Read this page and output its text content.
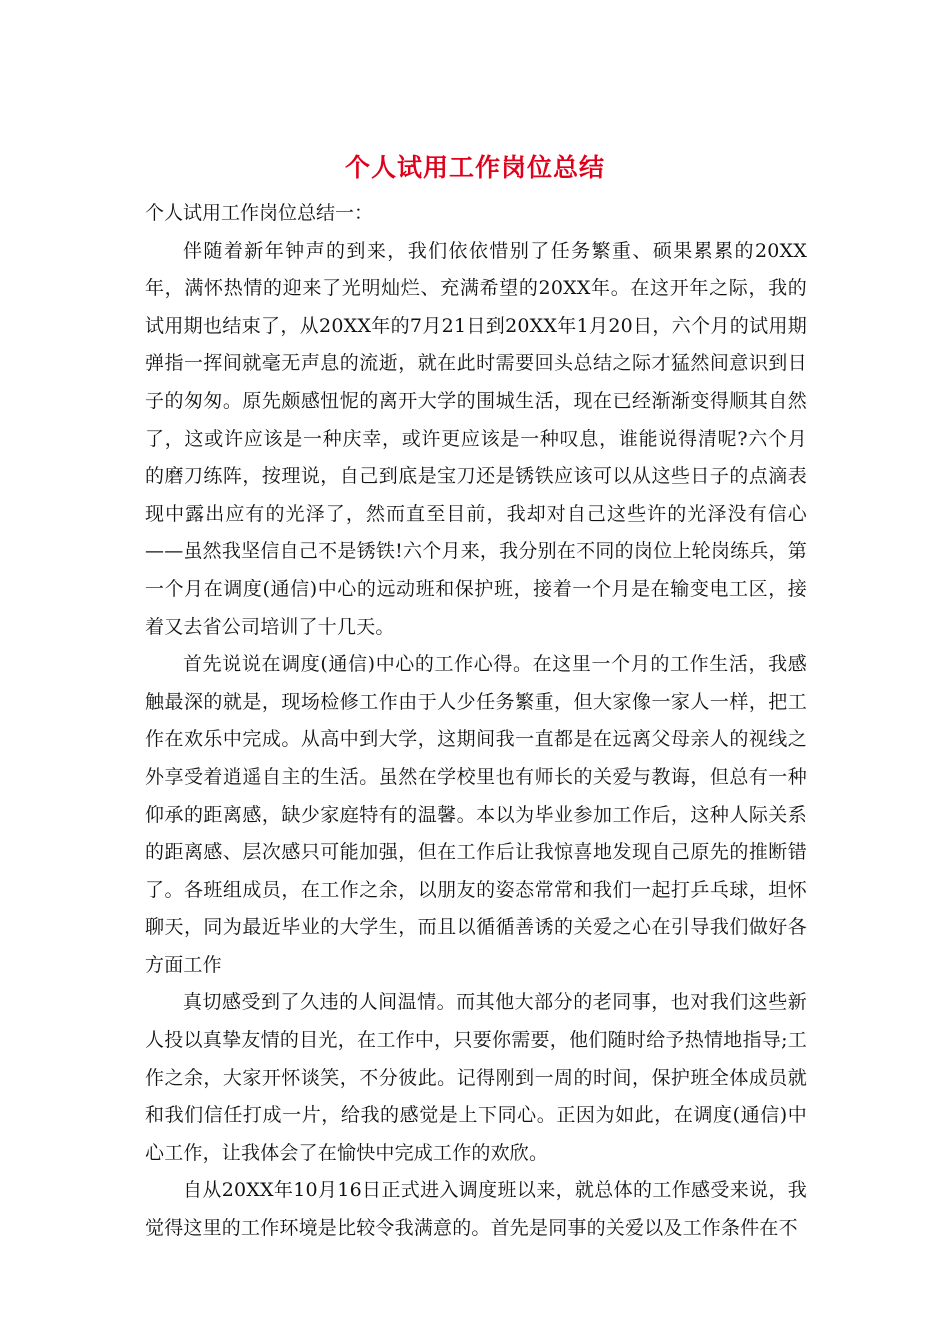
个人试用工作岗位总结

个人试用工作岗位总结一：

伴随着新年钟声的到来，我们依依惜别了任务繁重、硕果累累的20XX年，满怀热情的迎来了光明灿烂、充满希望的20XX年。在这开年之际，我的试用期也结束了，从20XX年的7月21日到20XX年1月20日，六个月的试用期弹指一挥间就毫无声息的流逝，就在此时需要回头总结之际才猛然间意识到日子的匆匆。原先颇感忸怩的离开大学的围城生活，现在已经渐渐变得顺其自然了，这或许应该是一种庆幸，或许更应该是一种叹息，谁能说得清呢?六个月的磨刀练阵，按理说，自己到底是宝刀还是锈铁应该可以从这些日子的点滴表现中露出应有的光泽了，然而直至目前，我却对自己这些许的光泽没有信心——虽然我坚信自己不是锈铁!六个月来，我分别在不同的岗位上轮岗练兵，第一个月在调度(通信)中心的远动班和保护班，接着一个月是在输变电工区，接着又去省公司培训了十几天。

首先说说在调度(通信)中心的工作心得。在这里一个月的工作生活，我感触最深的就是，现场检修工作由于人少任务繁重，但大家像一家人一样，把工作在欢乐中完成。从高中到大学，这期间我一直都是在远离父母亲人的视线之外享受着逍遥自主的生活。虽然在学校里也有师长的关爱与教诲，但总有一种仰承的距离感，缺少家庭特有的温馨。本以为毕业参加工作后，这种人际关系的距离感、层次感只可能加强，但在工作后让我惊喜地发现自己原先的推断错了。各班组成员，在工作之余，以朋友的姿态常常和我们一起打乒乓球，坦怀聊天，同为最近毕业的大学生，而且以循循善诱的关爱之心在引导我们做好各方面工作

真切感受到了久违的人间温情。而其他大部分的老同事，也对我们这些新人投以真挚友情的目光，在工作中，只要你需要，他们随时给予热情地指导;工作之余，大家开怀谈笑，不分彼此。记得刚到一周的时间，保护班全体成员就和我们信任打成一片，给我的感觉是上下同心。正因为如此，在调度(通信)中心工作，让我体会了在愉快中完成工作的欢欣。

自从20XX年10月16日正式进入调度班以来，就总体的工作感受来说，我觉得这里的工作环境是比较令我满意的。首先是同事的关爱以及工作条件在不
